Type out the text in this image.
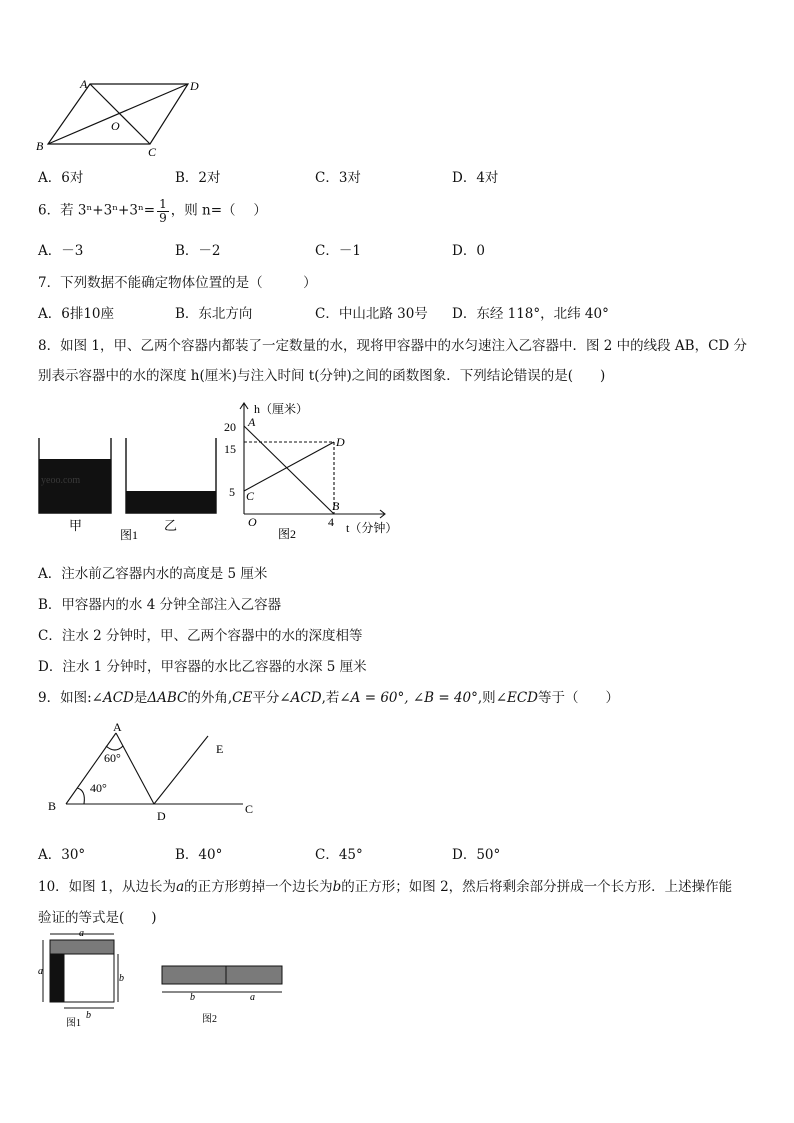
A	D
O
B	C
A．6对	B．2对	C．3对	D．4对
6．若 $3^n+3^n+3^n= \frac{1}{9}$ ，则 n=（　 ）
A．－3	B．－2	C．－1	D．0
7．下列数据不能确定物体位置的是（　　　）
A．6排10座	B．东北方向	C．中山北路 30号 D．东经 118°，北纬 40°
8．如图 1，甲、乙两个容器内都装了一定数量的水，现将甲容器中的水匀速注入乙容器中．图 2 中的线段 AB，CD 分
别表示容器中的水的深度 h(厘米)与注入时间 t(分钟)之间的函数图象．下列结论错误的是(　　)
yeoo.com
甲
图1
乙
h（厘米）
20
15
5
A
D
C
B
O	4 t（分钟）
图2
A．注水前乙容器内水的高度是 5 厘米
B．甲容器内的水 4 分钟全部注入乙容器
C．注水 2 分钟时，甲、乙两个容器中的水的深度相等
D．注水 1 分钟时，甲容器的水比乙容器的水深 5 厘米
9．如图:∠ACD是ΔABC的外角,CE平分∠ACD,若∠A = 60°, ∠B = 40°,则∠ECD等于（　　）
A
E
60°
40°
B
D	C
A．30°	B．40°	C．45°	D．50°
10．如图 1，从边长为a的正方形剪掉一个边长为b的正方形；如图 2，然后将剩余部分拼成一个长方形．上述操作能
验证的等式是(　　)
a
a
b
b
图1
b	a
图2
